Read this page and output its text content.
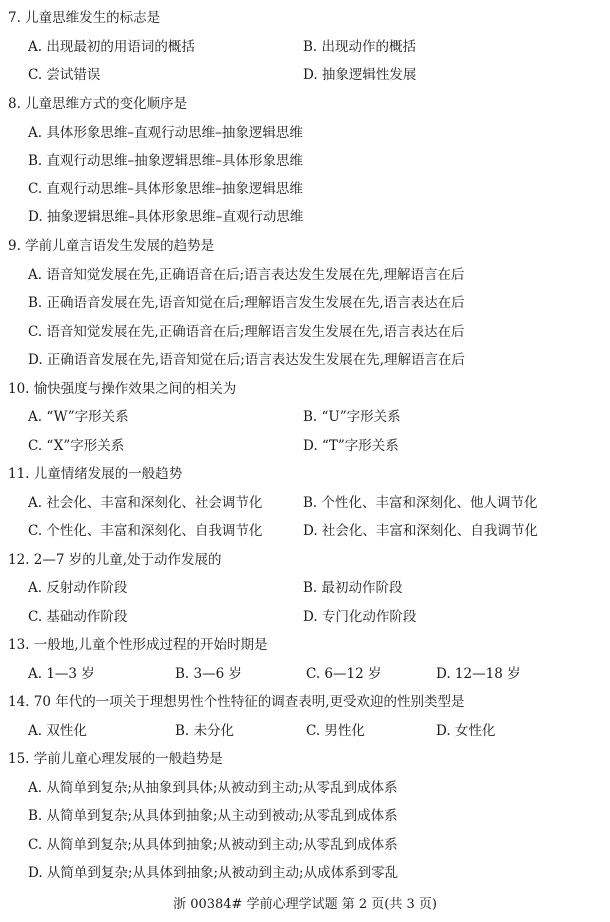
7. 儿童思维发生的标志是
A. 出现最初的用语词的概括	B. 出现动作的概括
C. 尝试错误	D. 抽象逻辑性发展
8. 儿童思维方式的变化顺序是
A. 具体形象思维–直观行动思维–抽象逻辑思维
B. 直观行动思维–抽象逻辑思维–具体形象思维
C. 直观行动思维–具体形象思维–抽象逻辑思维
D. 抽象逻辑思维–具体形象思维–直观行动思维
9. 学前儿童言语发生发展的趋势是
A. 语音知觉发展在先,正确语音在后;语言表达发生发展在先,理解语言在后
B. 正确语音发展在先,语音知觉在后;理解语言发生发展在先,语言表达在后
C. 语音知觉发展在先,正确语音在后;理解语言发生发展在先,语言表达在后
D. 正确语音发展在先,语音知觉在后;语言表达发生发展在先,理解语言在后
10. 愉快强度与操作效果之间的相关为
A. “W”字形关系	B. “U”字形关系
C. “X”字形关系	D. “T”字形关系
11. 儿童情绪发展的一般趋势
A. 社会化、丰富和深刻化、社会调节化	B. 个性化、丰富和深刻化、他人调节化
C. 个性化、丰富和深刻化、自我调节化	D. 社会化、丰富和深刻化、自我调节化
12. 2—7 岁的儿童,处于动作发展的
A. 反射动作阶段	B. 最初动作阶段
C. 基础动作阶段	D. 专门化动作阶段
13. 一般地,儿童个性形成过程的开始时期是
A. 1—3 岁	B. 3—6 岁	C. 6—12 岁	D. 12—18 岁
14. 70 年代的一项关于理想男性个性特征的调查表明,更受欢迎的性别类型是
A. 双性化	B. 未分化	C. 男性化	D. 女性化
15. 学前儿童心理发展的一般趋势是
A. 从简单到复杂;从抽象到具体;从被动到主动;从零乱到成体系
B. 从简单到复杂;从具体到抽象;从主动到被动;从零乱到成体系
C. 从简单到复杂;从具体到抽象;从被动到主动;从零乱到成体系
D. 从简单到复杂;从具体到抽象;从被动到主动;从成体系到零乱
浙 00384# 学前心理学试题 第 2 页(共 3 页)
